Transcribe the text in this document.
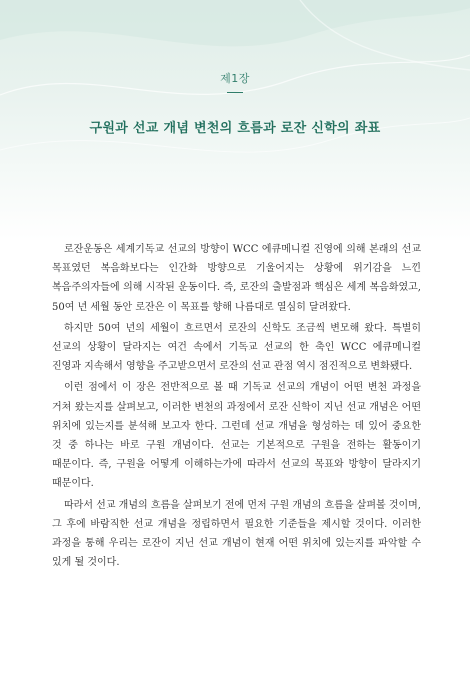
제1장
구원과 선교 개념 변천의 흐름과 로잔 신학의 좌표

로잔운동은 세계기독교 선교의 방향이 WCC 에큐메니컬 진영에 의해 본래의 선교 목표였던 복음화보다는 인간화 방향으로 기울어지는 상황에 위기감을 느낀 복음주의자들에 의해 시작된 운동이다. 즉, 로잔의 출발점과 핵심은 세계 복음화였고, 50여 년 세월 동안 로잔은 이 목표를 향해 나름대로 열심히 달려왔다.

하지만 50여 년의 세월이 흐르면서 로잔의 신학도 조금씩 변모해 왔다. 특별히 선교의 상황이 달라지는 여건 속에서 기독교 선교의 한 축인 WCC 에큐메니컬 진영과 지속해서 영향을 주고받으면서 로잔의 선교 관점 역시 점진적으로 변화됐다.

이런 점에서 이 장은 전반적으로 볼 때 기독교 선교의 개념이 어떤 변천 과정을 거쳐 왔는지를 살펴보고, 이러한 변천의 과정에서 로잔 신학이 지닌 선교 개념은 어떤 위치에 있는지를 분석해 보고자 한다. 그런데 선교 개념을 형성하는 데 있어 중요한 것 중 하나는 바로 구원 개념이다. 선교는 기본적으로 구원을 전하는 활동이기 때문이다. 즉, 구원을 어떻게 이해하는가에 따라서 선교의 목표와 방향이 달라지기 때문이다.

따라서 선교 개념의 흐름을 살펴보기 전에 먼저 구원 개념의 흐름을 살펴볼 것이며, 그 후에 바람직한 선교 개념을 정립하면서 필요한 기준들을 제시할 것이다. 이러한 과정을 통해 우리는 로잔이 지닌 선교 개념이 현재 어떤 위치에 있는지를 파악할 수 있게 될 것이다.
